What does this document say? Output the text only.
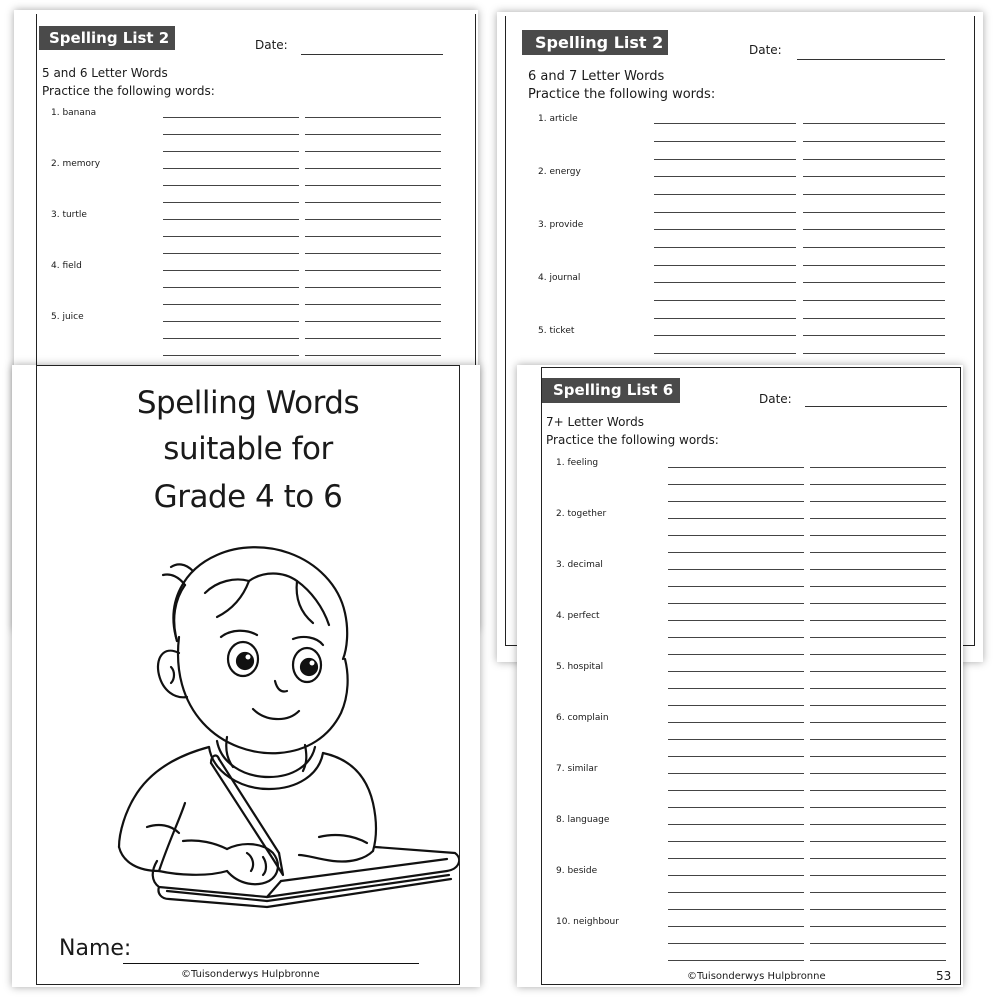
Spelling List 2	Date:
5 and 6 Letter Words
Practice the following words:
1. banana
2. memory
3. turtle
4. field
5. juice
Spelling List 2	Date:
6 and 7 Letter Words
Practice the following words:
1. article
2. energy
3. provide
4. journal
5. ticket
Spelling List 6	Date:
7+ Letter Words
Practice the following words:
1. feeling
2. together
3. decimal
4. perfect
5. hospital
6. complain
7. similar
8. language
9. beside
10. neighbour
©Tuisonderwys Hulpbronne	53
Spelling Words
suitable for
Grade 4 to 6
Name:
©Tuisonderwys Hulpbronne
